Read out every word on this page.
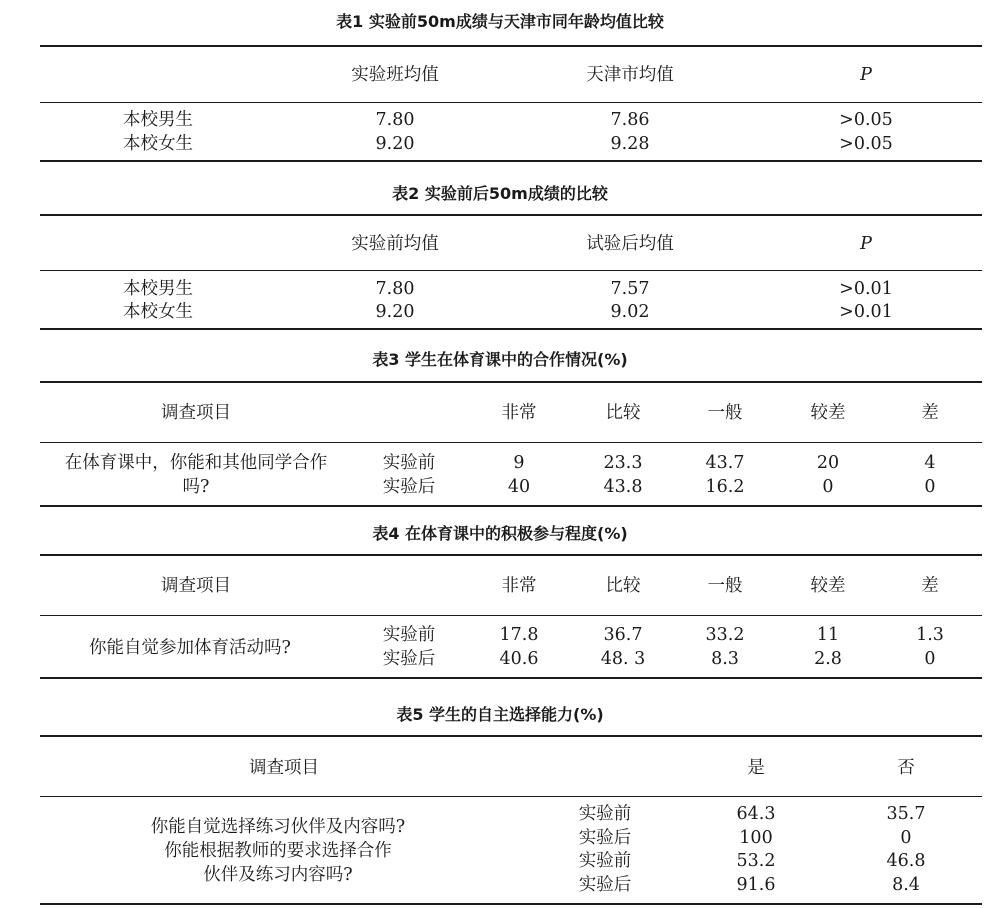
表1 实验前50m成绩与天津市同年龄均值比较
实验班均值	天津市均值	P
本校男生	7.80	7.86	>0.05
本校女生	9.20	9.28	>0.05
表2 实验前后50m成绩的比较
实验前均值	试验后均值	P
本校男生	7.80	7.57	>0.01
本校女生	9.20	9.02	>0.01
表3 学生在体育课中的合作情况(%)
调查项目	非常	比较	一般	较差	差
在体育课中，你能和其他同学合作
吗?
实验前	9	23.3	43.7	20	4
实验后	40	43.8	16.2	0	0
表4 在体育课中的积极参与程度(%)
调查项目	非常	比较	一般	较差	差
你能自觉参加体育活动吗?
实验前	17.8	36.7	33.2	11	1.3
实验后	40.6	48. 3	8.3	2.8	0
表5 学生的自主选择能力(%)
调查项目	是	否
你能自觉选择练习伙伴及内容吗?
你能根据教师的要求选择合作
伙伴及练习内容吗?
实验前	64.3	35.7
实验后	100	0
实验前	53.2	46.8
实验后	91.6	8.4
